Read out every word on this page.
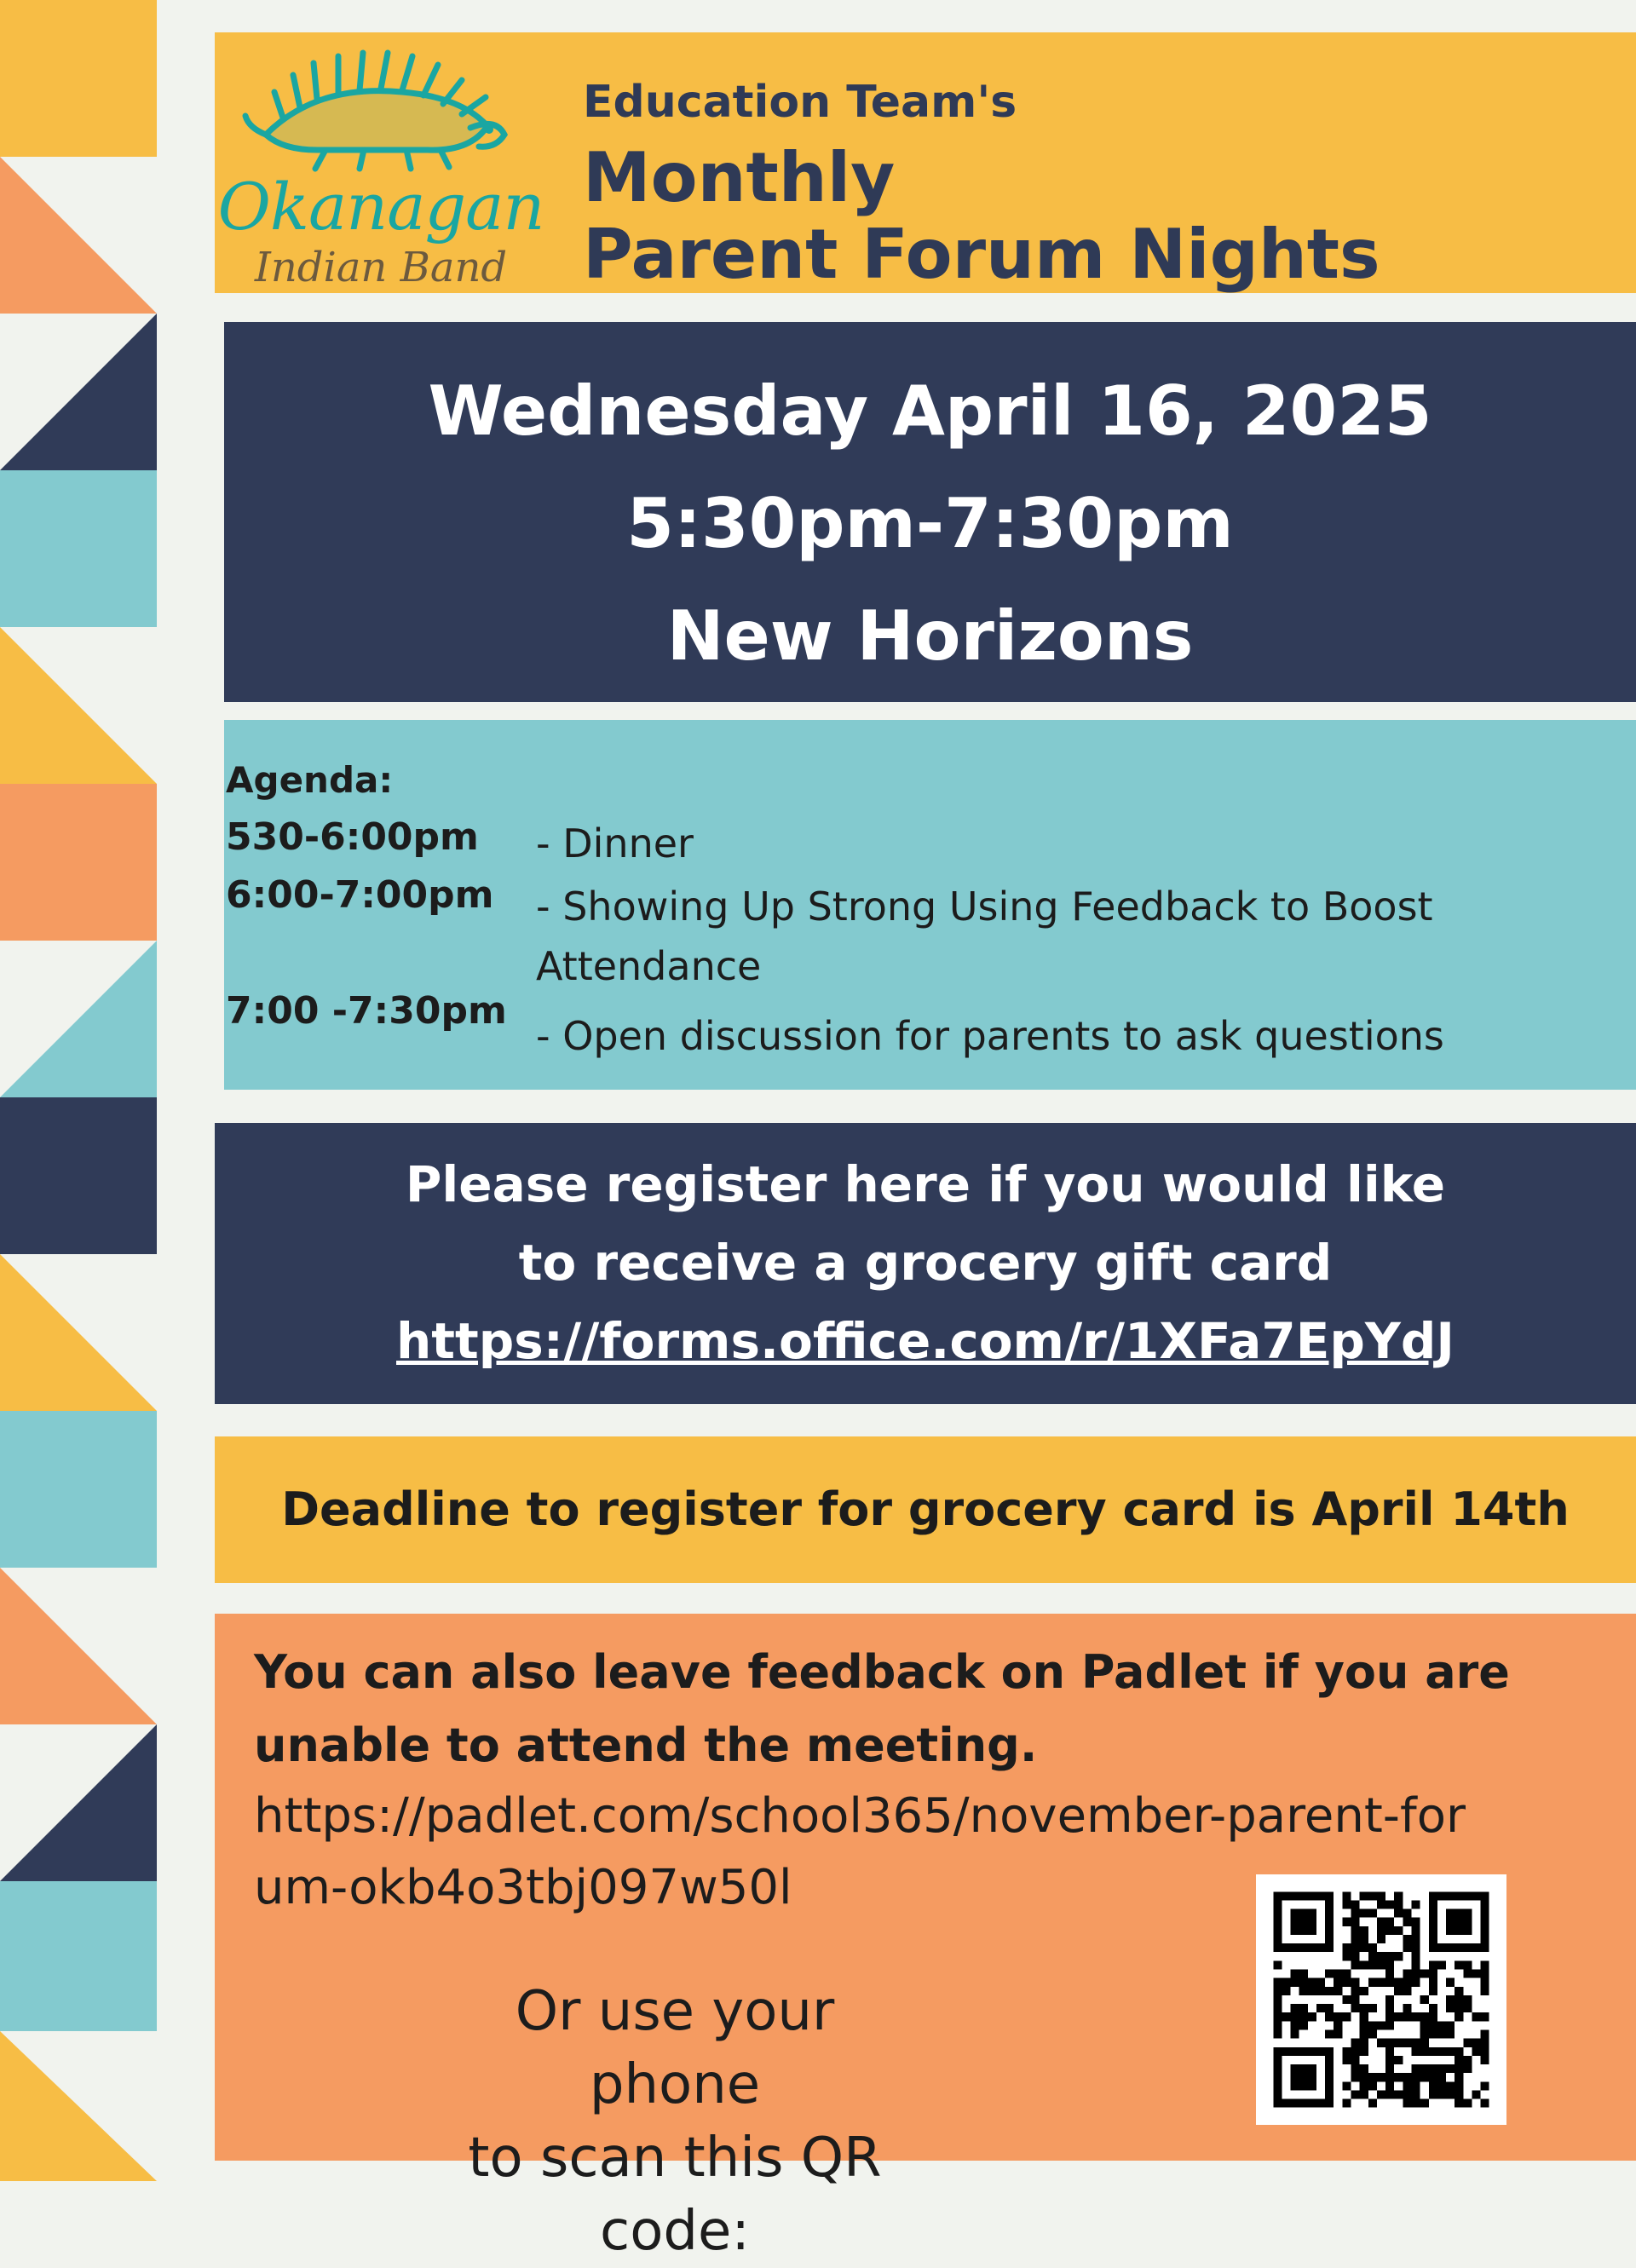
Okanagan
Indian Band
Education Team's
Monthly
Parent Forum Nights
Wednesday April 16, 2025
5:30pm-7:30pm
New Horizons
Agenda:
530-6:00pm - Dinner
6:00-7:00pm - Showing Up Strong Using Feedback to Boost Attendance
7:00 -7:30pm
- Open discussion for parents to ask questions
Please register here if you would like
to receive a grocery gift card
https://forms.office.com/r/1XFa7EpYdJ
Deadline to register for grocery card is April 14th
You can also leave feedback on Padlet if you are unable to attend the meeting.
https://padlet.com/school365/november-parent-forum-okb4o3tbj097w50l
Or use your phone
to scan this QR code:
